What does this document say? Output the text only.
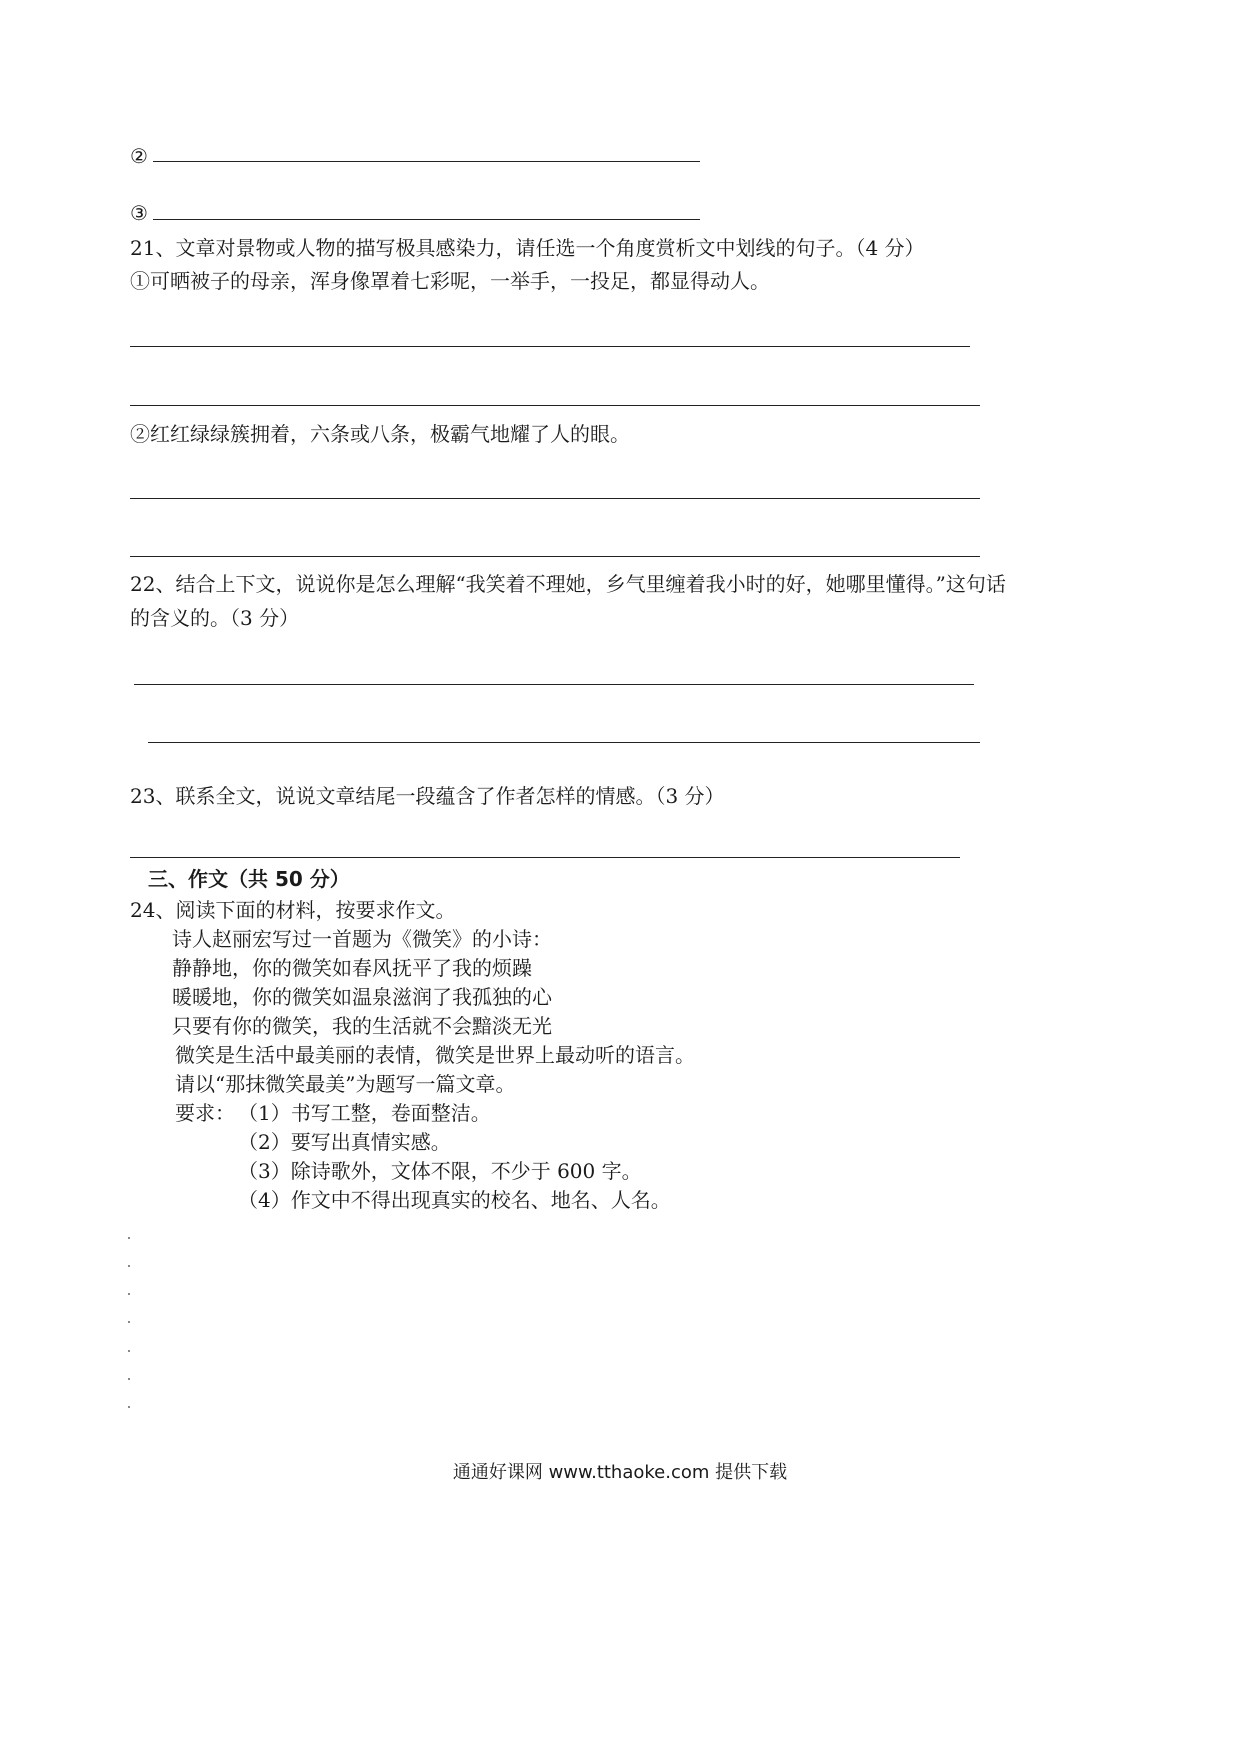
②
③
21、文章对景物或人物的描写极具感染力，请任选一个角度赏析文中划线的句子。（4 分）
①可晒被子的母亲，浑身像罩着七彩呢，一举手，一投足，都显得动人。
②红红绿绿簇拥着，六条或八条，极霸气地耀了人的眼。
22、结合上下文，说说你是怎么理解“我笑着不理她，乡气里缠着我小时的好，她哪里懂得。”这句话
的含义的。（3 分）
23、联系全文，说说文章结尾一段蕴含了作者怎样的情感。（3 分）
三、作文（共 50 分）
24、阅读下面的材料，按要求作文。
诗人赵丽宏写过一首题为《微笑》的小诗：
静静地，你的微笑如春风抚平了我的烦躁
暖暖地，你的微笑如温泉滋润了我孤独的心
只要有你的微笑，我的生活就不会黯淡无光
微笑是生活中最美丽的表情，微笑是世界上最动听的语言。
请以“那抹微笑最美”为题写一篇文章。
要求： （1）书写工整，卷面整洁。
（2）要写出真情实感。
（3）除诗歌外，文体不限，不少于 600 字。
（4）作文中不得出现真实的校名、地名、人名。
通通好课网 www.tthaoke.com 提供下载
